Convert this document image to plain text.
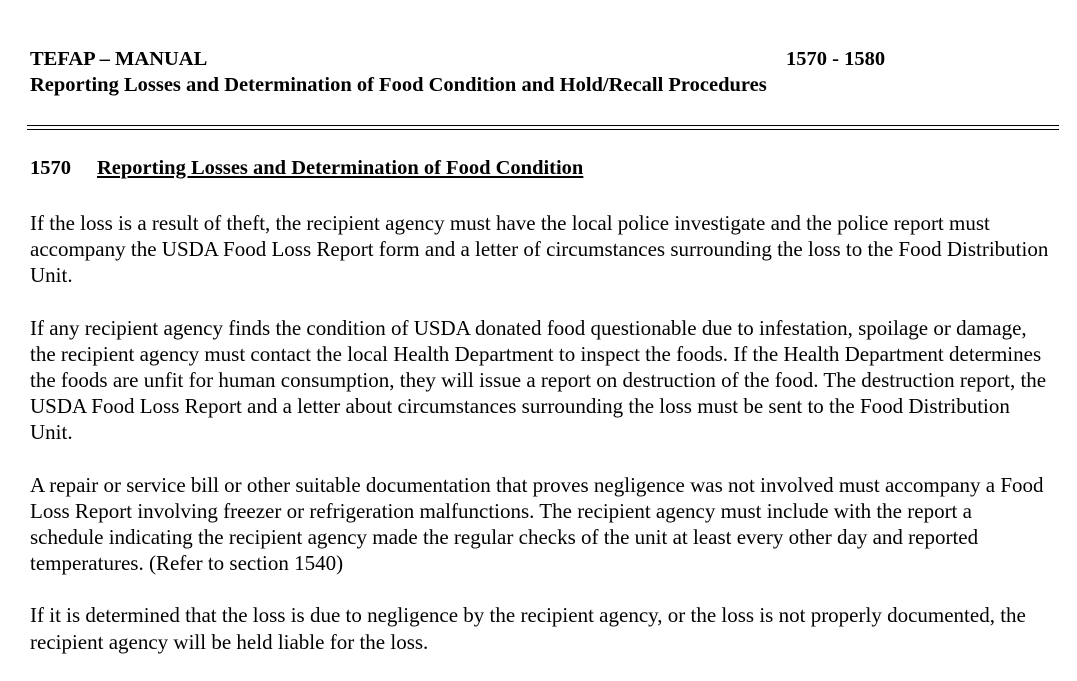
TEFAP – MANUAL	1570 - 1580
Reporting Losses and Determination of Food Condition and Hold/Recall Procedures
1570 Reporting Losses and Determination of Food Condition

If the loss is a result of theft, the recipient agency must have the local police investigate and the police report must accompany the USDA Food Loss Report form and a letter of circumstances surrounding the loss to the Food Distribution Unit.

If any recipient agency finds the condition of USDA donated food questionable due to infestation, spoilage or damage, the recipient agency must contact the local Health Department to inspect the foods. If the Health Department determines the foods are unfit for human consumption, they will issue a report on destruction of the food. The destruction report, the USDA Food Loss Report and a letter about circumstances surrounding the loss must be sent to the Food Distribution Unit.

A repair or service bill or other suitable documentation that proves negligence was not involved must accompany a Food Loss Report involving freezer or refrigeration malfunctions. The recipient agency must include with the report a schedule indicating the recipient agency made the regular checks of the unit at least every other day and reported temperatures. (Refer to section 1540)

If it is determined that the loss is due to negligence by the recipient agency, or the loss is not properly documented, the recipient agency will be held liable for the loss.
